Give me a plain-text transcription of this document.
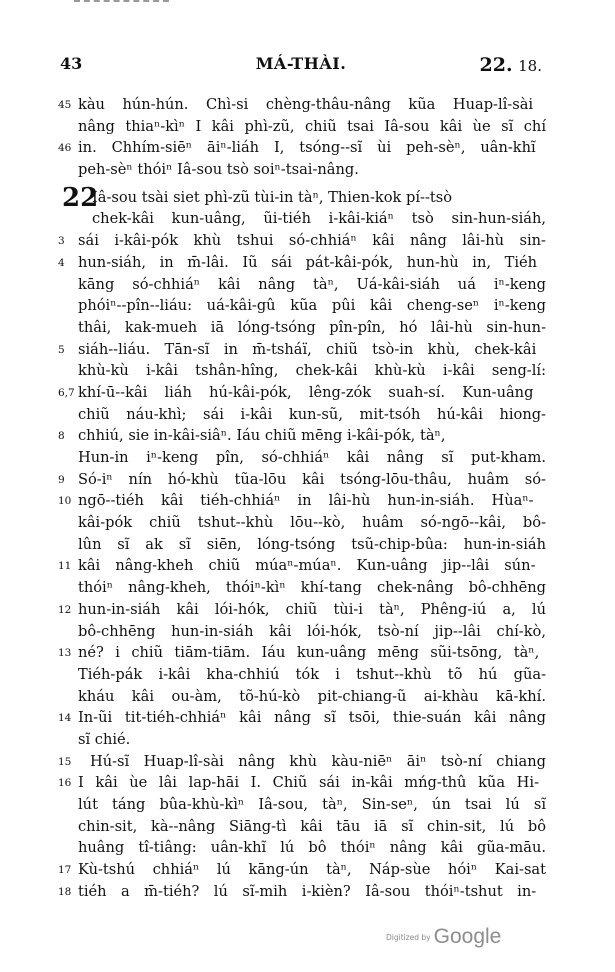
43	MÁ-THÀI.	22. 18.
45 kàu hún-hún. Chì-si chèng-thâu-nâng kũa Huap-lî-sài
nâng thiaⁿ-kìⁿ I kâi phì-zũ, chiũ tsai Iâ-sou kâi ùe sĩ chí
46 in. Chhím-siēⁿ āiⁿ-liáh I, tsóng--sĩ ùi peh-sèⁿ, uân-khĩ
peh-sèⁿ thóiⁿ Iâ-sou tsò soiⁿ-tsai-nâng.
22
Iâ-sou tsài siet phì-zũ tùi-in tàⁿ, Thien-kok pí--tsò
chek-kâi kun-uâng, ũi-tiéh i-kâi-kiáⁿ tsò sin-hun-siáh,
3 sái i-kâi-pók khù tshui só-chhiáⁿ kâi nâng lâi-hù sin-
4 hun-siáh, in m̄-lâi. Iũ sái pát-kâi-pók, hun-hù in, Tiéh
kāng só-chhiáⁿ kâi nâng tàⁿ, Uá-kâi-siáh uá iⁿ-keng
phóiⁿ--pîn--liáu: uá-kâi-gû kũa pûi kâi cheng-seⁿ iⁿ-keng
thâi, kak-mueh iā lóng-tsóng pîn-pîn, hó lâi-hù sin-hun-
5 siáh--liáu. Tān-sĩ in m̄-tsháï, chiũ tsò-in khù, chek-kâi
khù-kù i-kâi tshân-hîng, chek-kâi khù-kù i-kâi seng-lí:
6,7 khí-ū--kâi liáh hú-kâi-pók, lêng-zók suah-sí. Kun-uâng
chiũ náu-khì; sái i-kâi kun-sũ, mit-tsóh hú-kâi hiong-
8 chhiú, sie in-kâi-siâⁿ. Iáu chiũ mēng i-kâi-pók, tàⁿ,
Hun-in iⁿ-keng pîn, só-chhiáⁿ kâi nâng sĩ put-kham.
9 Só-iⁿ nín hó-khù tũa-lōu kâi tsóng-lōu-thâu, huâm só-
10 ngō--tiéh kâi tiéh-chhiáⁿ in lâi-hù hun-in-siáh. Hùaⁿ-
kâi-pók chiũ tshut--khù lōu--kò, huâm só-ngō--kâi, bô-
lûn sĩ ak sĩ siēn, lóng-tsóng tsũ-chip-bûa: hun-in-siáh
11 kâi nâng-kheh chiũ múaⁿ-múaⁿ. Kun-uâng jip--lâi sún-
thóiⁿ nâng-kheh, thóiⁿ-kìⁿ khí-tang chek-nâng bô-chhēng
12 hun-in-siáh kâi lói-hók, chiũ tùi-i tàⁿ, Phêng-iú a, lú
bô-chhēng hun-in-siáh kâi lói-hók, tsò-ní jip--lâi chí-kò,
13 né? i chiũ tiām-tiām. Iáu kun-uâng mēng sũi-tsōng, tàⁿ,
Tiéh-pák i-kâi kha-chhiú tók i tshut--khù tõ hú gũa-
kháu kâi ou-àm, tõ-hú-kò pit-chiang-ũ ai-khàu kā-khí.
14 In-ũi tit-tiéh-chhiáⁿ kâi nâng sĩ tsōi, thie-suán kâi nâng
sĩ chié.
15	Hú-sĩ Huap-lî-sài nâng khù kàu-niēⁿ āiⁿ tsò-ní chiang
16 I kâi ùe lâi lap-hāi I. Chiũ sái in-kâi mńg-thû kũa Hi-
lút táng bûa-khù-kìⁿ Iâ-sou, tàⁿ, Sin-seⁿ, ún tsai lú sĩ
chin-sit, kà--nâng Siāng-tì kâi tāu iā sĩ chin-sit, lú bô
huâng tî-tiâng: uân-khĩ lú bô thóiⁿ nâng kâi gũa-māu.
17 Kù-tshú chhiáⁿ lú kāng-ún tàⁿ, Náp-sùe hóiⁿ Kai-sat
18 tiéh a m̄-tiéh? lú sĩ-mih i-kièn? Iâ-sou thóiⁿ-tshut in-
Digitized by Google
